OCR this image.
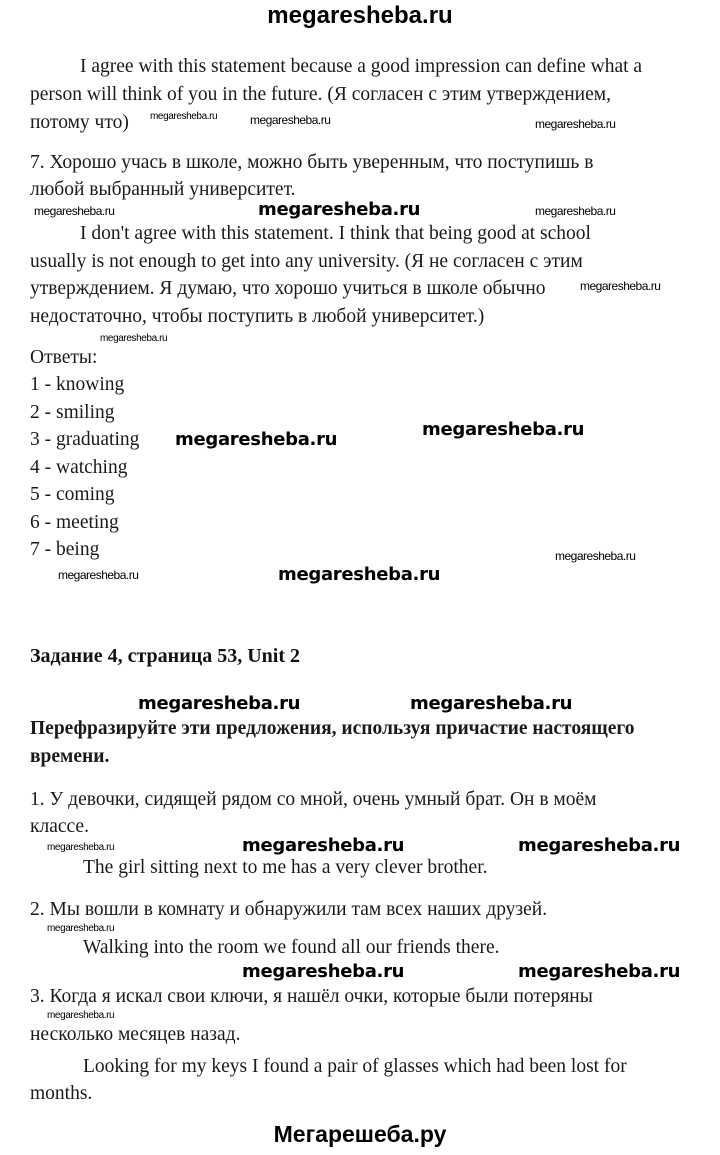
megaresheba.ru
I agree with this statement because a good impression can define what a
person will think of you in the future. (Я согласен с этим утверждением,
потому что)
7. Хорошо учась в школе, можно быть уверенным, что поступишь в
любой выбранный университет.
I don't agree with this statement. I think that being good at school
usually is not enough to get into any university. (Я не согласен с этим
утверждением. Я думаю, что хорошо учиться в школе обычно
недостаточно, чтобы поступить в любой университет.)
Ответы:
1 - knowing
2 - smiling
3 - graduating
4 - watching
5 - coming
6 - meeting
7 - being
Задание 4, страница 53, Unit 2
Перефразируйте эти предложения, используя причастие настоящего
времени.
1. У девочки, сидящей рядом со мной, очень умный брат. Он в моём
классе.
The girl sitting next to me has a very clever brother.
2. Мы вошли в комнату и обнаружили там всех наших друзей.
Walking into the room we found all our friends there.
3. Когда я искал свои ключи, я нашёл очки, которые были потеряны
несколько месяцев назад.
Looking for my keys I found a pair of glasses which had been lost for
months.
megaresheba.ru	megaresheba.ru	megaresheba.ru
megaresheba.ru	megaresheba.ru
megaresheba.ru
megaresheba.ru
megaresheba.ru
megaresheba.ru
megaresheba.ru
megaresheba.ru
megaresheba.ru
megaresheba.ru
megaresheba.ru	megaresheba.ru
megaresheba.ru
megaresheba.ru	megaresheba.ru
megaresheba.ru	megaresheba.ru
megaresheba.ru	megaresheba.ru
Мегарешеба.ру
